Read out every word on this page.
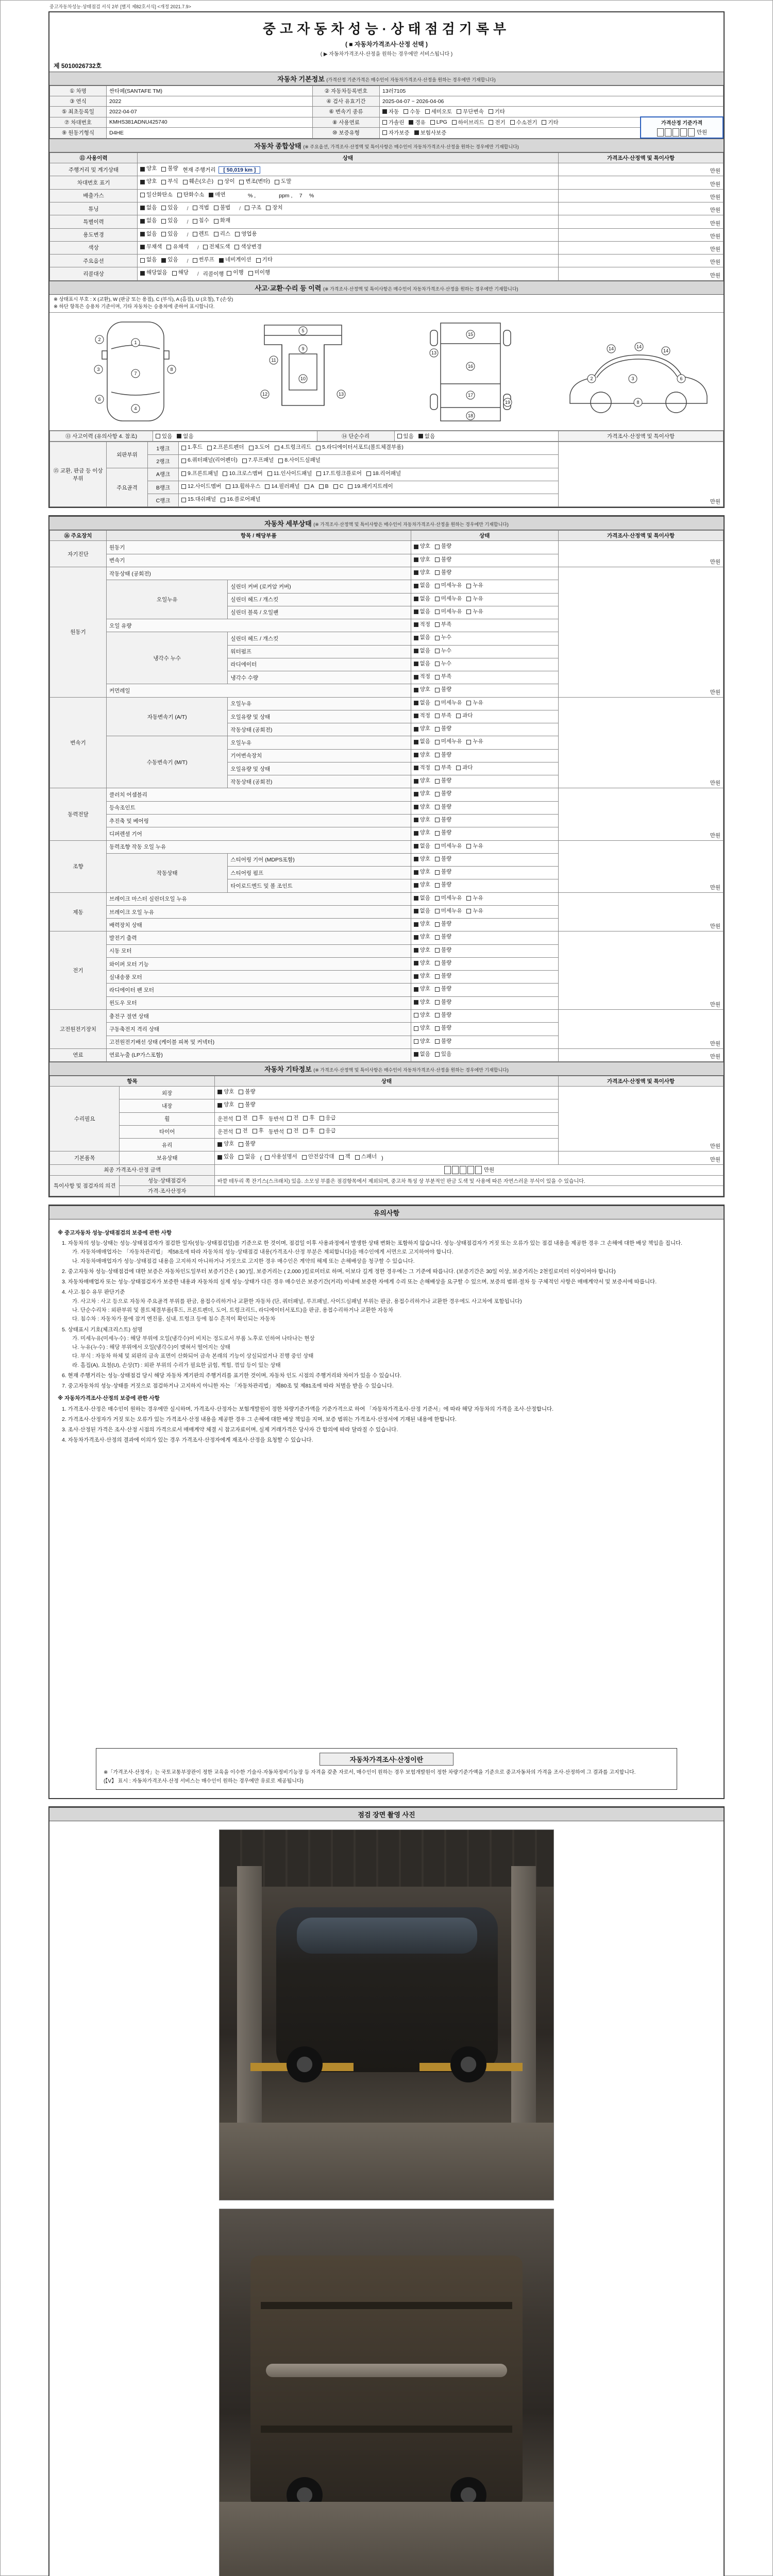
중고자동차성능·상태점검 서식 2부 [별지 제82호서식] <개정 2021.7.9>
중고자동차성능·상태점검기록부
( ■ 자동차가격조사·산정 선택 )
( ▶ 자동차가격조사·산정을 원하는 경우에만 서비스됩니다 )
제 5010026732호
자동차 기본정보 (가격산정 기준가격은 매수인이 자동차가격조사·산정을 원하는 경우에만 기재합니다)
① 차명	싼타페(SANTAFE TM)	② 자동차등록번호	13러7105	
③ 연식	2022	④ 검사 유효기간	2025-04-07 ~ 2026-04-06	
⑤ 최초등록일	2022-04-07	⑥ 변속기 종류	자동 수동 세미오토 무단변속 기타	

⑦ 차대번호	KMHS381ADNU425740	⑧ 사용연료	가솔린 경유 LPG 하이브리드 전기 수소전기 기타	가격산정 기준가격
만원

⑨ 원동기형식	D4HE	⑩ 보증유형	자가보증 보험사보증	
자동차 종합상태 (※ 주요옵션, 가격조사·산정액 및 특이사항은 매수인이 자동차가격조사·산정을 원하는 경우에만 기재합니다)
⑪ 사용이력	상태	가격조사·산정액 및 특이사항
주행거리 및 계기상태	양호 불량 현재 주행거리 [ 50,019 km ]	만원
차대번호 표기	양호 부식 훼손(오손) 상이 변조(변타) 도말	만원
배출가스	일산화탄소 탄화수소 매연 　　　 % ,　　　　 ppm ,　 7 　%	만원
튜닝	없음 있음 / 적법 불법 / 구조 장치	만원
특별이력	없음 있음 / 침수 화재	만원
용도변경	없음 있음 / 렌트 리스 영업용	만원
색상	무채색 유채색 / 전체도색 색상변경	만원
주요옵션	없음 있음 / 썬루프 네비게이션 기타	만원
리콜대상	해당없음 해당 / 리콜이행 이행 미이행	만원
사고·교환·수리 등 이력 (※ 가격조사·산정액 및 특이사항은 매수인이 자동차가격조사·산정을 원하는 경우에만 기재합니다)
※ 상태표시 부호 : X (교환), W (판금 또는 용접), C (부식), A (흠집), U (요철), T (손상)
※ 하단 항목은 승용차 기준이며, 기타 자동차는 승용차에 준하여 표시합니다.
1
2
3
4
7
6
8
5
9
10
11
12	13
13
15
16
17
18
19
2	3	6
8
14	14
14
⑬ 사고이력 (유의사항 4. 참조)	있음 없음	⑭ 단순수리	있음 없음	가격조사·산정액 및 특이사항
⑮ 교환, 판금 등 이상 부위	외판부위	1랭크	1.후드 2.프론트펜더 3.도어 4.트렁크리드 5.라디에이터서포트(볼트체결부품)	만원
		2랭크	6.쿼터패널(리어펜더) 7.루프패널 8.사이드실패널	

	주요골격	A랭크	9.프론트패널 10.크로스멤버 11.인사이드패널 17.트렁크플로어 18.리어패널	

B랭크	12.사이드멤버 13.휠하우스 14.필러패널 A B C 19.패키지트레이

		C랭크	15.대쉬패널 16.플로어패널	
자동차 세부상태 (※ 가격조사·산정액 및 특이사항은 매수인이 자동차가격조사·산정을 원하는 경우에만 기재합니다)
⑯ 주요장치	항목 / 해당부품		상태	가격조사·산정액 및 특이사항
자기진단	원동기		양호 불량	만원
	변속기		양호 불량	

원동기	작동상태 (공회전)		양호 불량	만원
	오일누유	실린더 커버 (로커암 커버)	없음 미세누유 누유	

		실린더 헤드 / 개스킷	없음 미세누유 누유	

		실린더 블록 / 오일팬	없음 미세누유 누유	

	오일 유량		적정 부족	

	냉각수 누수	실린더 헤드 / 개스킷	없음 누수	

		워터펌프	없음 누수	

		라디에이터	없음 누수	

		냉각수 수량	적정 부족	

	커먼레일		양호 불량	

변속기	자동변속기 (A/T)	오일누유	없음 미세누유 누유	만원
		오일유량 및 상태	적정 부족 과다	

		작동상태 (공회전)	양호 불량	

	수동변속기 (M/T)	오일누유	없음 미세누유 누유	

		기어변속장치	양호 불량	

		오일유량 및 상태	적정 부족 과다	

		작동상태 (공회전)	양호 불량	

동력전달	클러치 어셈블리		양호 불량	만원
	등속조인트		양호 불량	

	추진축 및 베어링		양호 불량	

	디퍼렌셜 기어		양호 불량	

조향	동력조향 작동 오일 누유		없음 미세누유 누유	만원
	작동상태	스티어링 기어 (MDPS포함)	양호 불량	

		스티어링 펌프	양호 불량	

		타이로드엔드 및 볼 조인트	양호 불량	

제동	브레이크 마스터 실린더오일 누유		없음 미세누유 누유	만원
	브레이크 오일 누유		없음 미세누유 누유	

	배력장치 상태		양호 불량	

전기	발전기 출력		양호 불량	만원
	시동 모터		양호 불량	

	와이퍼 모터 기능		양호 불량	

	실내송풍 모터		양호 불량	

	라디에이터 팬 모터		양호 불량	

	윈도우 모터		양호 불량	

고전원전기장치	충전구 절연 상태		양호 불량	만원
	구동축전지 격리 상태		양호 불량	

	고전원전기배선 상태 (케이블 피복 및 커넥터)		양호 불량	

연료	연료누출 (LP가스포함)		없음 있음	만원
자동차 기타정보 (※ 가격조사·산정액 및 특이사항은 매수인이 자동차가격조사·산정을 원하는 경우에만 기재합니다)
항목		상태	가격조사·산정액 및 특이사항
수리필요	외장	양호 불량	만원
	내장	양호 불량	

휠	운전석 전 후 동반석 전 후 응급

타이어	운전석 전 후 동반석 전 후 응급

	유리	양호 불량	

기본품목	보유상태	있음 없음 ( 사용설명서 안전삼각대 잭 스패너 )	만원
최종 가격조사·산정 금액		만원	
특이사항 및 점검자의 의견	성능·상태점검자	바깥 테두리 쪽 잔기스(스크래치) 있음. 소모성 부품은 점검항목에서 제외되며, 중고차 특성 상 부분적인 판금 도색 및 사용에 따른 자연스러운 부식이 있을 수 있습니다.	
	가격·조사산정자		
유의사항
※ 중고자동차 성능·상태점검의 보증에 관한 사항
1. 자동차의 성능·상태는 성능·상태점검자가 점검한 일자(성능·상태점검일)를 기준으로 한 것이며, 점검일 이후 사용과정에서 발생한 상태 변화는 포함하지 않습니다. 성능·상태점검자가 거짓 또는 오류가 있는 점검 내용을 제공한 경우 그 손해에 대한 배상 책임을 집니다.
가. 자동차매매업자는 「자동차관리법」 제58조에 따라 자동차의 성능·상태점검 내용(가격조사·산정 부분은 제외합니다)을 매수인에게 서면으로 고지하여야 합니다.
나. 자동차매매업자가 성능·상태점검 내용을 고지하지 아니하거나 거짓으로 고지한 경우 매수인은 계약의 해제 또는 손해배상을 청구할 수 있습니다.
2. 중고자동차 성능·상태점검에 대한 보증은 자동차인도일부터 보증기간은 ( 30 )일, 보증거리는 ( 2,000 )킬로미터로 하며, 이보다 길게 정한 경우에는 그 기준에 따릅니다. (보증기간은 30일 이상, 보증거리는 2천킬로미터 이상이어야 합니다)
3. 자동차매매업자 또는 성능·상태점검자가 보증한 내용과 자동차의 실제 성능·상태가 다른 경우 매수인은 보증기간(거리) 이내에 보증한 자에게 수리 또는 손해배상을 요구할 수 있으며, 보증의 범위·절차 등 구체적인 사항은 매매계약서 및 보증서에 따릅니다.
4. 사고·침수 유무 판단기준
가. 사고차 : 사고 등으로 자동차 주요골격 부위를 판금, 용접수리하거나 교환한 자동차 (단, 쿼터패널, 루프패널, 사이드실패널 부위는 판금, 용접수리하거나 교환한 경우에도 사고차에 포함됩니다)
나. 단순수리차 : 외판부위 및 볼트체결부품(후드, 프론트펜더, 도어, 트렁크리드, 라디에이터서포트)을 판금, 용접수리하거나 교환한 자동차
다. 침수차 : 자동차가 물에 잠겨 엔진룸, 실내, 트렁크 등에 침수 흔적이 확인되는 자동차
5. 상태표시 기호(체크리스트) 설명
가. 미세누유(미세누수) : 해당 부위에 오일(냉각수)이 비치는 정도로서 부품 노후로 인하여 나타나는 현상
나. 누유(누수) : 해당 부위에서 오일(냉각수)이 맺혀서 떨어지는 상태
다. 부식 : 자동차 하체 및 외판의 금속 표면이 산화되어 금속 본래의 기능이 상실되었거나 진행 중인 상태
라. 흠집(A), 요철(U), 손상(T) : 외판 부위의 수리가 필요한 긁힘, 찍힘, 꺾임 등이 있는 상태
6. 현재 주행거리는 성능·상태점검 당시 해당 자동차 계기판의 주행거리를 표기한 것이며, 자동차 인도 시점의 주행거리와 차이가 있을 수 있습니다.
7. 중고자동차의 성능·상태를 거짓으로 점검하거나 고지하지 아니한 자는 「자동차관리법」 제80조 및 제81조에 따라 처벌을 받을 수 있습니다.
※ 자동차가격조사·산정의 보증에 관한 사항
1. 가격조사·산정은 매수인이 원하는 경우에만 실시하며, 가격조사·산정자는 보험개발원이 정한 차량기준가액을 기준가격으로 하여 「자동차가격조사·산정 기준서」에 따라 해당 자동차의 가격을 조사·산정합니다.
2. 가격조사·산정자가 거짓 또는 오류가 있는 가격조사·산정 내용을 제공한 경우 그 손해에 대한 배상 책임을 지며, 보증 범위는 가격조사·산정서에 기재된 내용에 한합니다.
3. 조사·산정된 가격은 조사·산정 시점의 가격으로서 매매계약 체결 시 참고자료이며, 실제 거래가격은 당사자 간 합의에 따라 달라질 수 있습니다.
4. 자동차가격조사·산정의 결과에 이의가 있는 경우 가격조사·산정자에게 재조사·산정을 요청할 수 있습니다.
자동차가격조사·산정이란
※「가격조사·산정자」는 국토교통부장관이 정한 교육을 이수한 기술사·자동차정비기능장 등 자격을 갖춘 자로서, 매수인이 원하는 경우 보험개발원이 정한 차량기준가액을 기준으로 중고자동차의 가격을 조사·산정하여 그 결과를 고지합니다.
(【V】 표시 : 자동차가격조사·산정 서비스는 매수인이 원하는 경우에만 유료로 제공됩니다)
점검 장면 촬영 사진
